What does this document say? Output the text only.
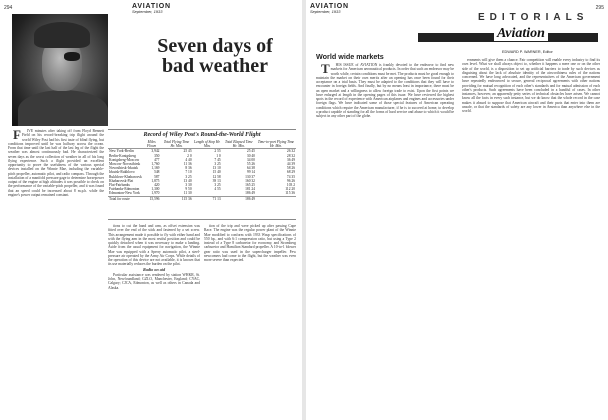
294	AVIATION
September, 1933
Seven days of bad weather
Record of Wiley Post's Round-the-World Flight
	Miles Flown	Total Flying Time Hr. Min.	Length of Stop Hr. Min.	Total Elapsed Time Hr. Min.	Time-to-port Flying Time Hr. Min.
New York-Berlin	3,942	25 45	2 55	25 45	26 32
Berlin-Konigsberg	350	2 0	1 0	30 40	28 32
Konigsberg-Moscow	477	4 40	7 45	34 00	36 49
Moscow-Novosibirsk	1,760	11 36	3 25	55 26	44 39
Novosibirsk-Irkutsk	1,169	8 36	13 10	64 38	58 26
Irkutsk-Rukhlovo	548	7 10	15 40	99 14	68 29
Rukhlovo-Khabarovsk	587	3 25	12 58	130 37	74 35
Khabarovsk-Flat	1,875	13 40	39 13	160 32	96 26
Flat-Fairbanks	420	3 30	3 25	165 25	103 2
Fairbanks-Edmonton	1,300	9 50	4 55	181 24	112 20
Edmonton-New York	1,970	11 30		186 49	115 36
Total for route	15,596	115 36	71 13	186 49	

F IVE minutes after taking off from Floyd Bennett Field on his record-breaking trip flight around the world Wiley Post had his first taste of blind flying, but conditions improved until he was halfway across the ocean. From that time until the last half of the last leg of the flight the weather was almost continuously bad. He characterized the seven days as the worst collection of weather in all of his long flying experience. Such a flight provided an excellent opportunity to prove the usefulness of the various special devices installed on the Winnie Mae, including the variable-pitch propeller, automatic pilot, and radio compass. Through the installation of a manifold pressure gage to determine horsepower output of the engine at high altitudes it was possible to check on the performance of the variable-pitch propeller, and it was found that an speed could be increased about 8 m.p.h. while the engine's power output remained constant.

tions to cut the hand and arm, as offset extension was fitted over the end of the stick and fastened by a set screw. This arrangement made it possible to fly with either hand and with the flying arm in the most restful position and could be quickly detached when it was necessary to make a landing. Aside from the usual equipment for navigation, the Winnie Mae was equipped with a Sperry automatic pilot, a steel-pressure air operated by the Army Air Corps. While details of the operation of this device are not available, it is known that its use materially reduces the burden on the pilot.

Radio on aid

Particular assistance was rendered by station WHKR, St. John, Newfoundland; GZLO, Manchester, England; CYAC, Calgary; CJCA, Edmonton, as well as others in Canada and Alaska.

tion of the trip and were picked up after passing Cape Race. The engine was the regular power plant of the Winnie Mae modified to conform with 1933 Wasp specifications of 550 hp., and with 6:1 compression ratio, but using a Type 2 instead of a Type 8 carburetor for economy, and Stromberg carburetor and Hamilton Standard propeller. A 10-to-1 blower gear ratio was used in the supercharger impeller. Few newcomers had come to the flight, but the weather was even more severe than expected.

AVIATION
September, 1933
295
EDITORIALS
Aviation
EDWARD P. WARNER, Editor
World wide markets

T HIS ISSUE of AVIATION is frankly devoted to the endeavor to find new markets for American aeronautical products. In order that such an endeavor may be worth while, certain conditions must be met. The products must be good enough to maintain the market on their own merits after an opening has once been found for their acceptance on a trial basis. They must be adapted to the conditions that they will have to encounter in foreign fields. And finally, but by no means least in importance, there must be an open market and a willingness to allow foreign trade to exist. Upon the first points we have enlarged at length in the opening pages of this issue. We have reviewed the highest spots in the record of experience with American airplanes and engines and accessories under foreign flags. We have indicated some of those special features of American operating conditions which require the American manufacturer, if he is to succeed at home, to develop a product capable of standing for all the forms of hard service and abuse to which it would be subject in any other part of the globe.

ernments will give them a chance. Fair competition will enable every industry to find its own level. What we shall always object to, whether it happens a mere one or on the other side of the world, is a disposition to set up artificial barriers to trade by such devices as disguising about the lack of absolute identity of the airworthiness rules of the nations concerned. We have long advocated, and the representatives of the American government have repeatedly endeavored to secure, general reciprocal agreements with other nations providing for mutual recognition of each other's standards and for mutual admission of each other's products. Such agreements have been concluded in a handful of cases. In other instances, however, an apparently petty series of technical obstacles have arisen. We cannot know all the facts in every such instance, but we do know that the whole record in the case makes it absurd to suppose that American aircraft and their parts that enter into them are unsafe, or that the standards of safety are any lower in America than anywhere else in the world.
